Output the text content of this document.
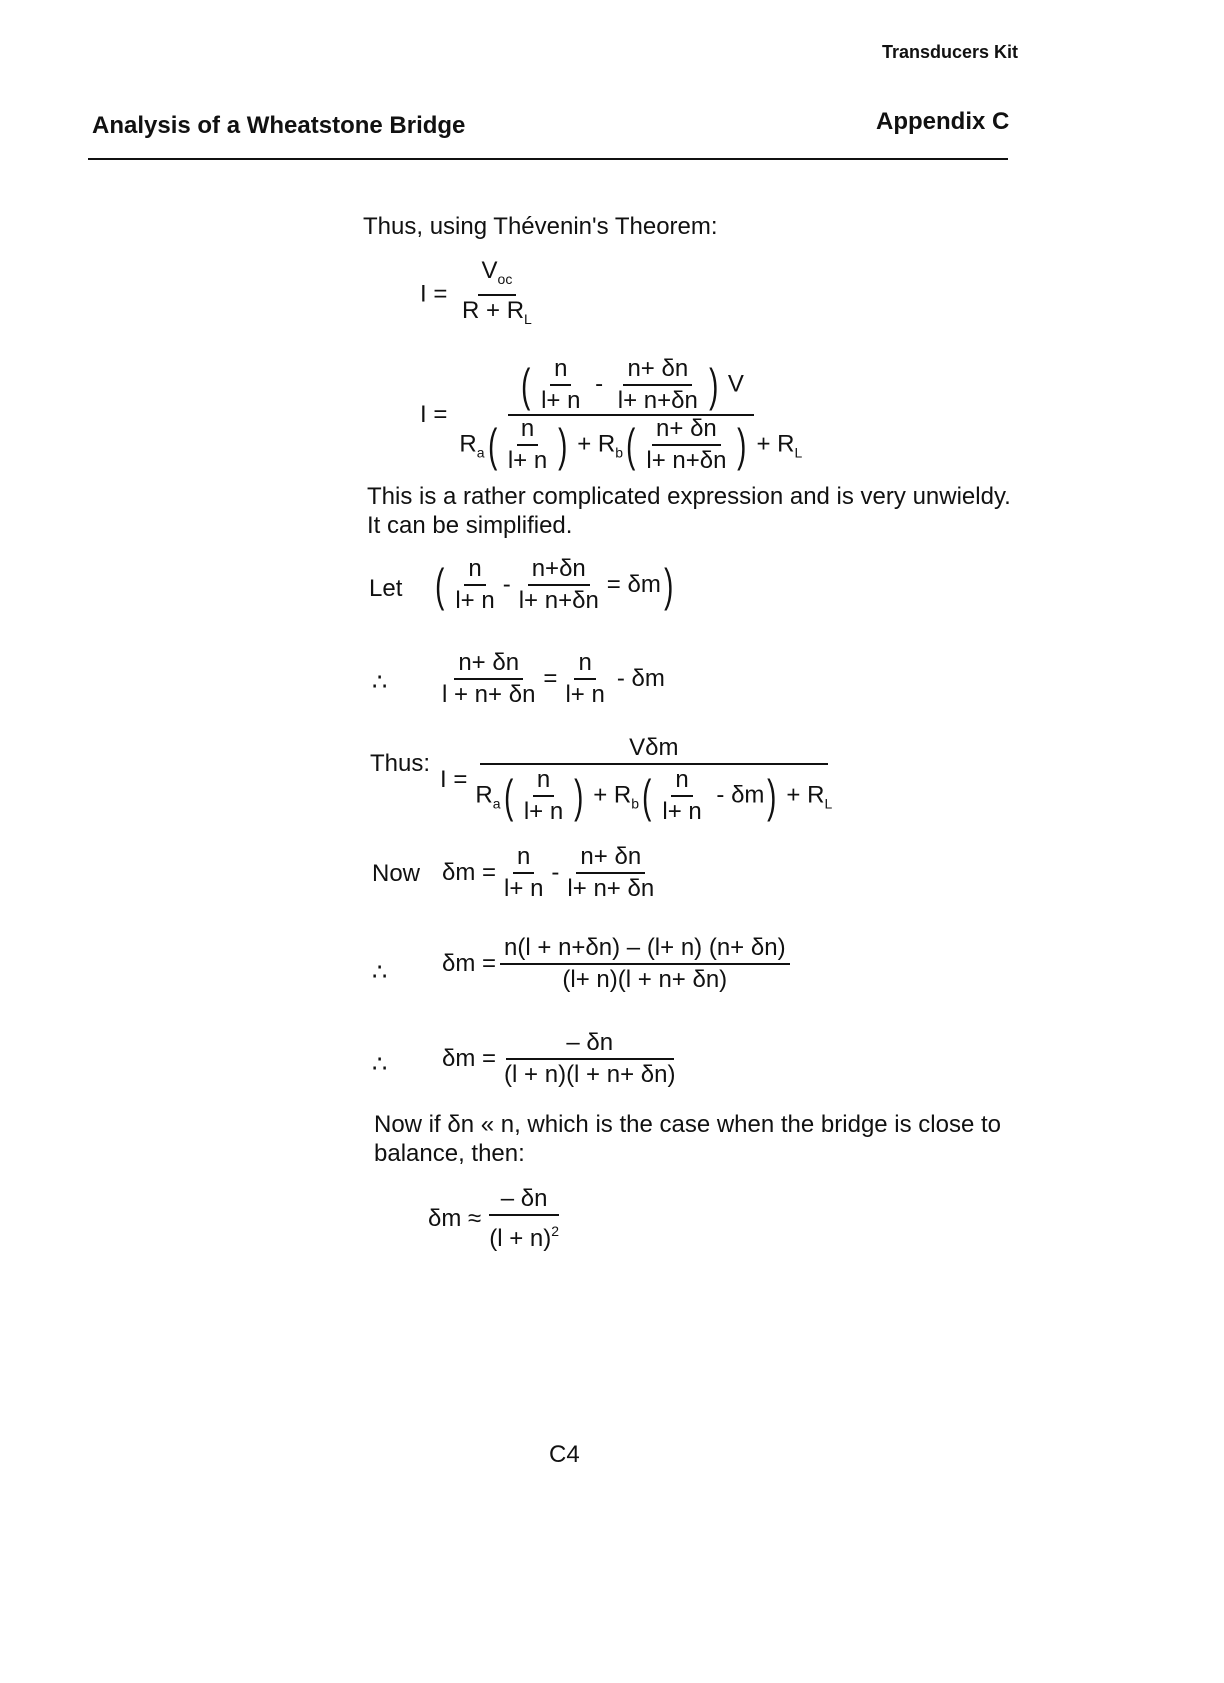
Transducers Kit
Analysis of a Wheatstone Bridge	Appendix C
Thus, using Thévenin's Theorem:
$I = \frac{V_{oc}}{R + R_L}$
$I = \frac{( \frac{n}{l+ n} - \frac{n+ \delta n}{l+ n+\delta n} ) V}{R_a( \frac{n}{l+ n} ) + R_b( \frac{n+ \delta n}{l+ n+\delta n} ) + R_L}$
This is a rather complicated expression and is very unwieldy. It can be simplified.
Let ( $\frac{n}{l+ n} - \frac{n+\delta n}{l+ n+\delta n} = \delta m$ )
∴ $\frac{n+ \delta n}{l + n+ \delta n} = \frac{n}{l+ n} - \delta m$
Thus:
$I = \frac{\text{Vδm}}{R_a( \frac{n}{l+ n} ) + R_b( \frac{n}{l+ n} - \delta m) + R_L}$
Now $\delta m = \frac{n}{l+ n} - \frac{n+ \delta n}{l+ n+ \delta n}$
∴ $\delta m = \frac{n(l + n+\delta n) - (l+ n) (n+ \delta n)}{(l+ n)(l + n+ \delta n)}$
∴ $\delta m = \frac{- \delta n}{(l + n)(l + n+ \delta n)}$
Now if δn « n, which is the case when the bridge is close to balance, then:
$\delta m \approx \frac{- \delta n}{(l + n)^2}$
C4
